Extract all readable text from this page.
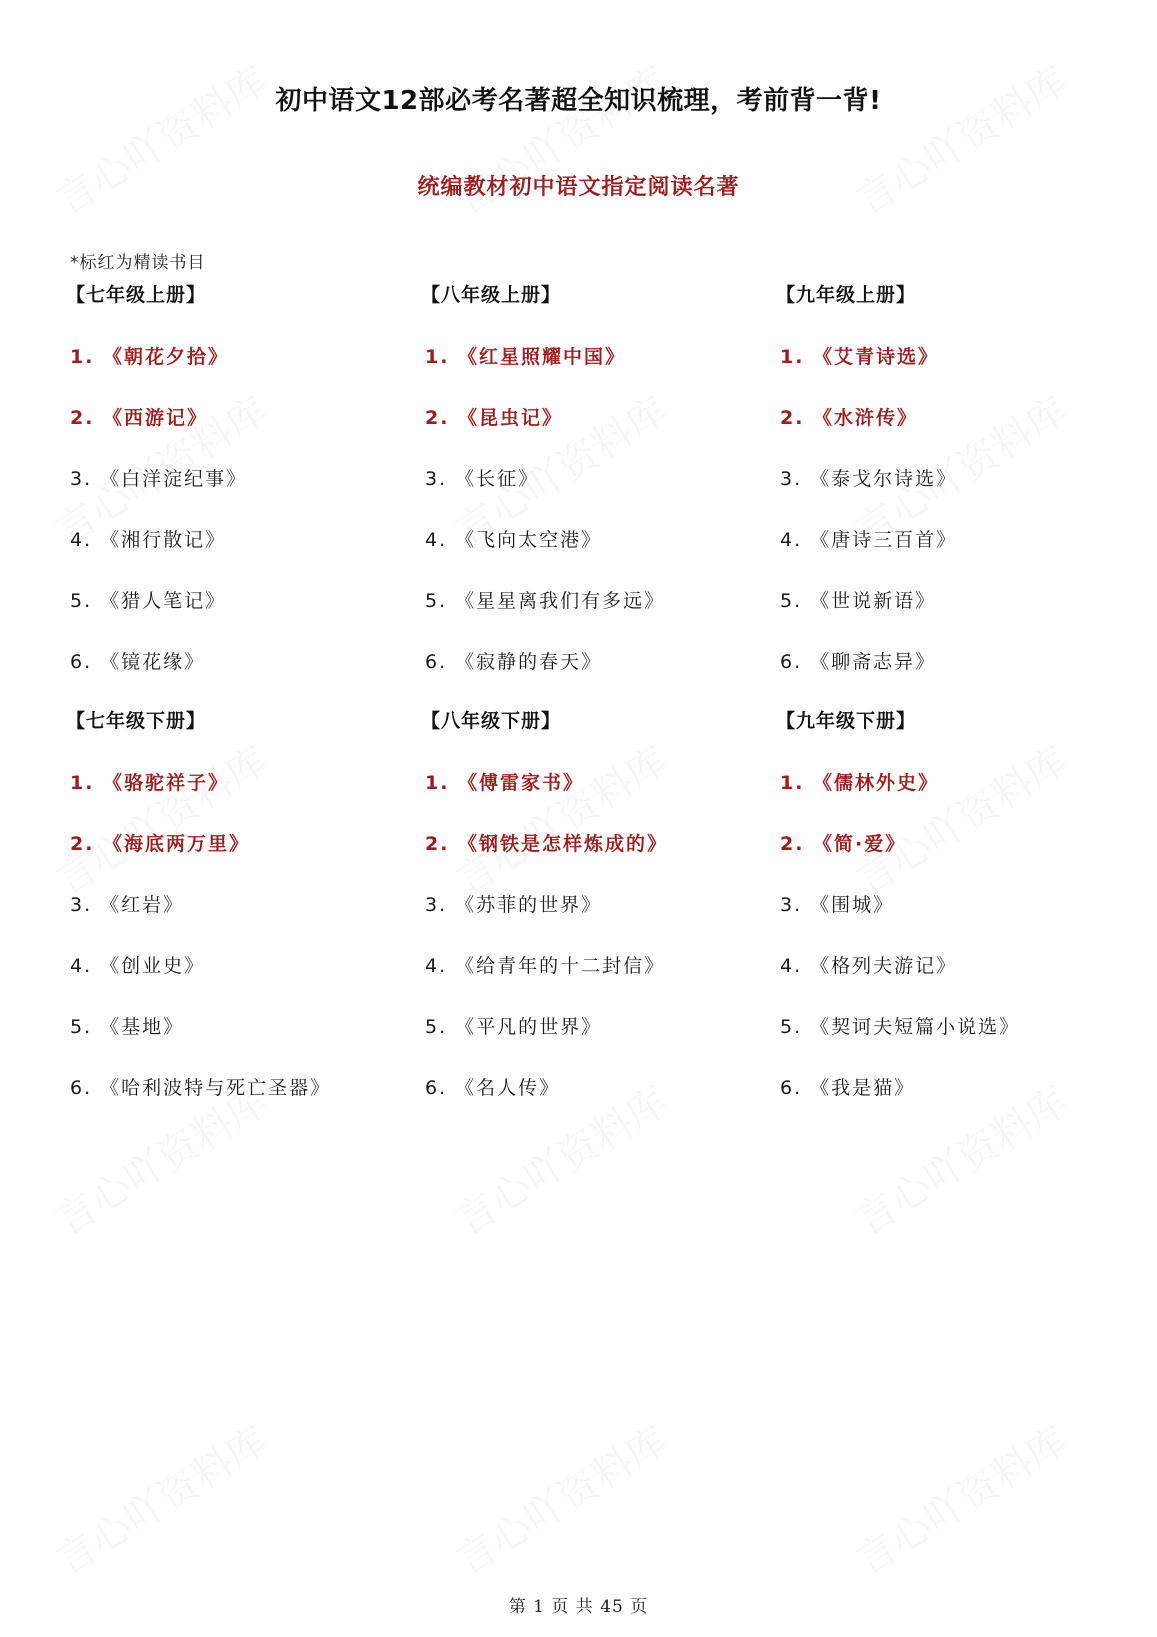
初中语文12部必考名著超全知识梳理，考前背一背!
统编教材初中语文指定阅读名著
*标红为精读书目
【七年级上册】
1. 《朝花夕拾》
2. 《西游记》
3. 《白洋淀纪事》
4. 《湘行散记》
5. 《猎人笔记》
6. 《镜花缘》
【七年级下册】
1. 《骆驼祥子》
2. 《海底两万里》
3. 《红岩》
4. 《创业史》
5. 《基地》
6. 《哈利波特与死亡圣器》
【八年级上册】
1. 《红星照耀中国》
2. 《昆虫记》
3. 《长征》
4. 《飞向太空港》
5. 《星星离我们有多远》
6. 《寂静的春天》
【八年级下册】
1. 《傅雷家书》
2. 《钢铁是怎样炼成的》
3. 《苏菲的世界》
4. 《给青年的十二封信》
5. 《平凡的世界》
6. 《名人传》
【九年级上册】
1. 《艾青诗选》
2. 《水浒传》
3. 《泰戈尔诗选》
4. 《唐诗三百首》
5. 《世说新语》
6. 《聊斋志异》
【九年级下册】
1. 《儒林外史》
2. 《简·爱》
3. 《围城》
4. 《格列夫游记》
5. 《契诃夫短篇小说选》
6. 《我是猫》
第 1 页 共 45 页
